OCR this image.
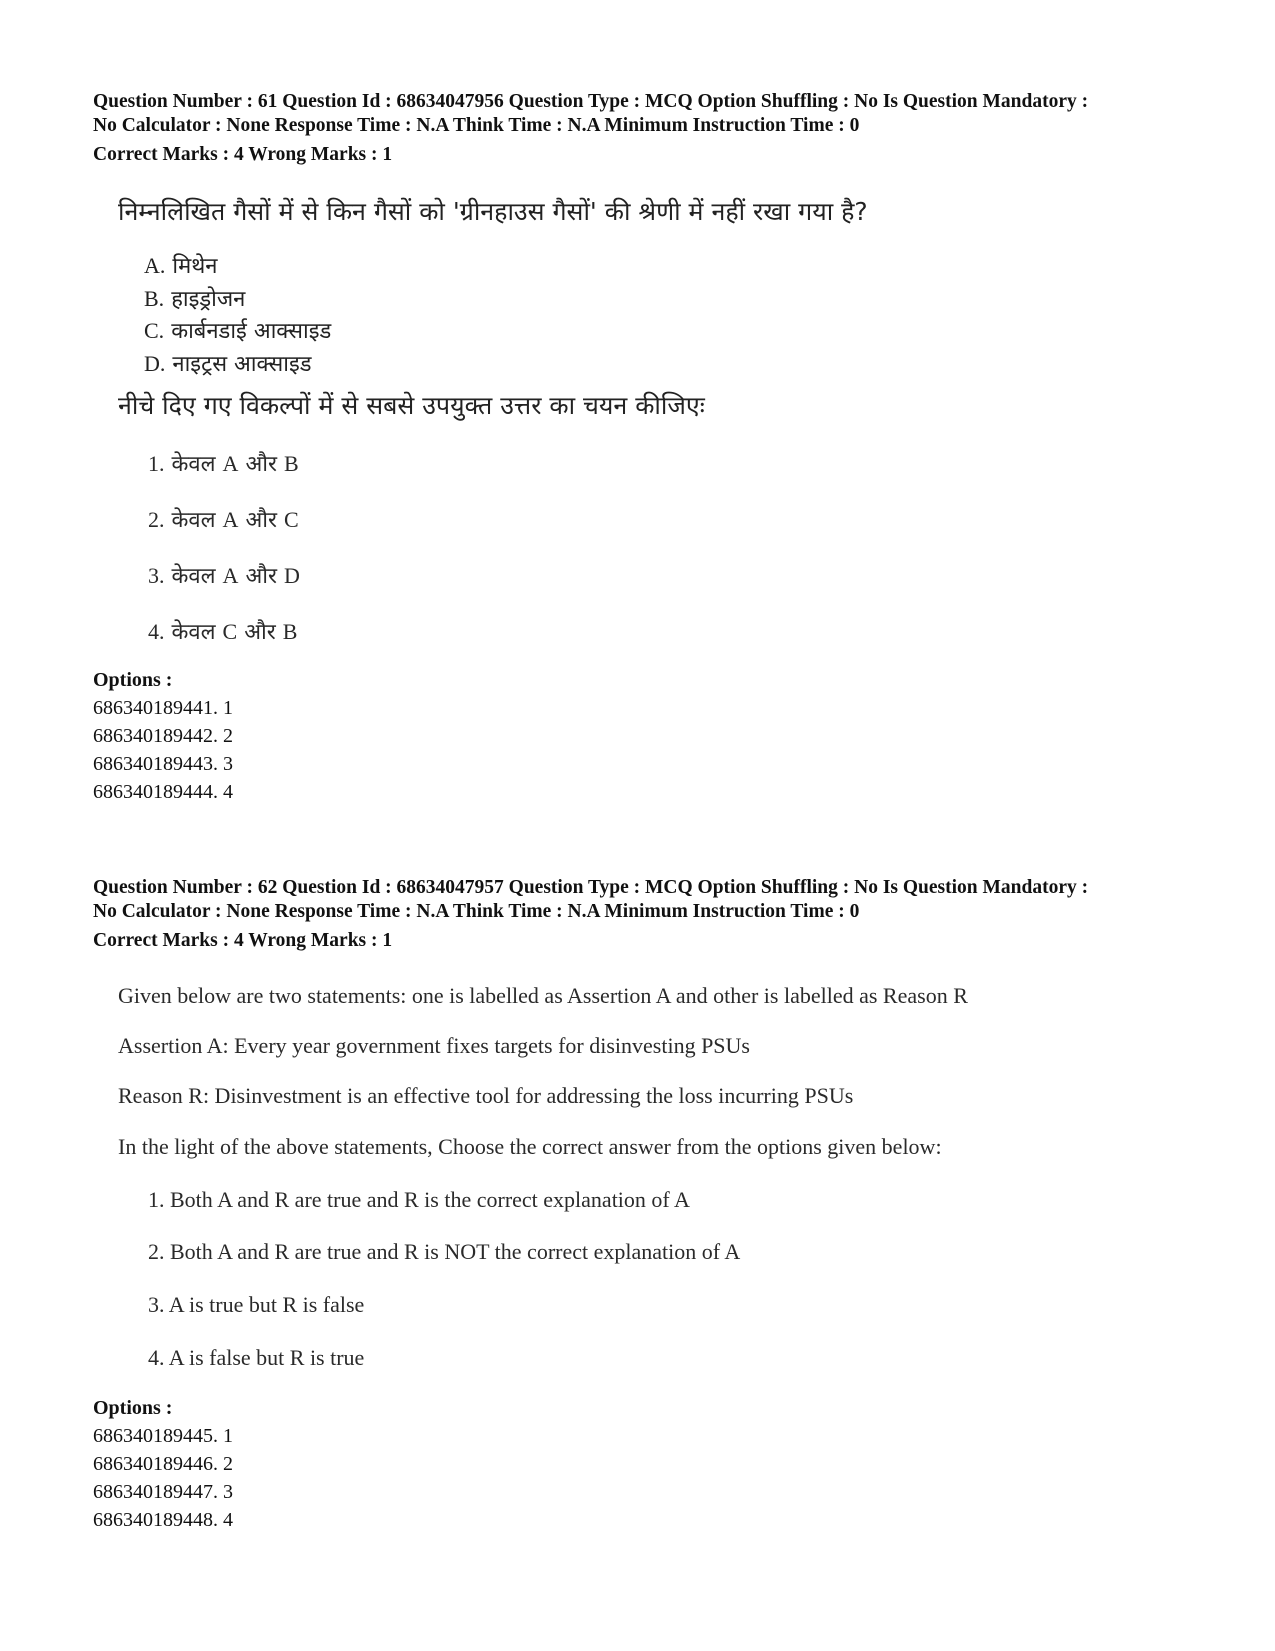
Question Number : 61 Question Id : 68634047956 Question Type : MCQ Option Shuffling : No Is Question Mandatory :
No Calculator : None Response Time : N.A Think Time : N.A Minimum Instruction Time : 0
Correct Marks : 4 Wrong Marks : 1
निम्नलिखित गैसों में से किन गैसों को 'ग्रीनहाउस गैसों' की श्रेणी में नहीं रखा गया है?
A. मिथेन
B. हाइड्रोजन
C. कार्बनडाई आक्साइड
D. नाइट्रस आक्साइड
नीचे दिए गए विकल्पों में से सबसे उपयुक्त उत्तर का चयन कीजिएः
1. केवल A और B
2. केवल A और C
3. केवल A और D
4. केवल C और B
Options :
686340189441. 1
686340189442. 2
686340189443. 3
686340189444. 4
Question Number : 62 Question Id : 68634047957 Question Type : MCQ Option Shuffling : No Is Question Mandatory :
No Calculator : None Response Time : N.A Think Time : N.A Minimum Instruction Time : 0
Correct Marks : 4 Wrong Marks : 1
Given below are two statements: one is labelled as Assertion A and other is labelled as Reason R
Assertion A: Every year government fixes targets for disinvesting PSUs
Reason R: Disinvestment is an effective tool for addressing the loss incurring PSUs
In the light of the above statements, Choose the correct answer from the options given below:
1. Both A and R are true and R is the correct explanation of A
2. Both A and R are true and R is NOT the correct explanation of A
3. A is true but R is false
4. A is false but R is true
Options :
686340189445. 1
686340189446. 2
686340189447. 3
686340189448. 4
